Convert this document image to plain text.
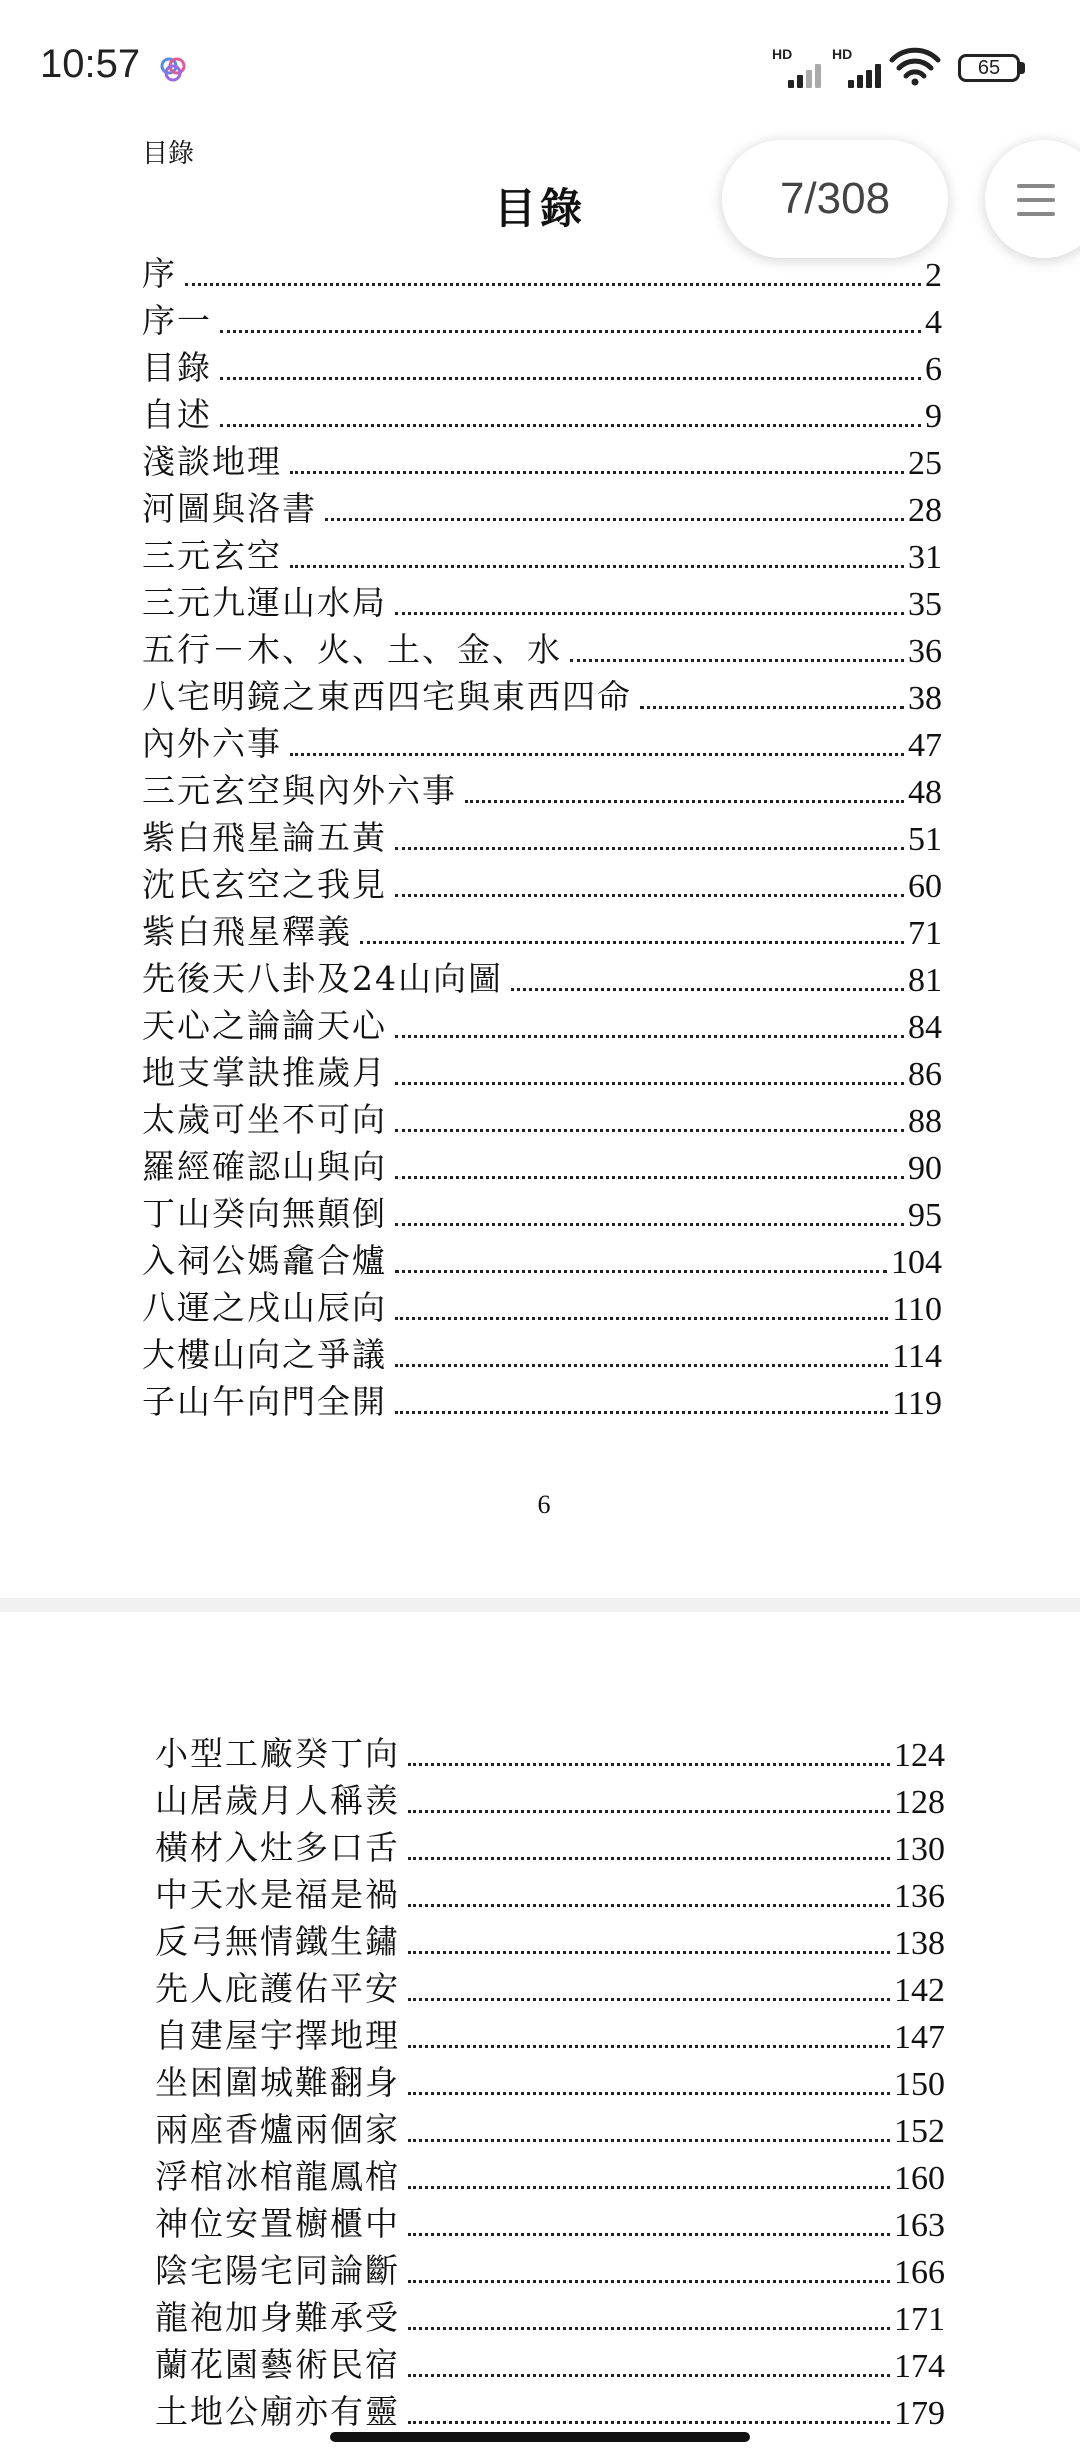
10:57	HD	HD
65
目錄
目錄
序	2
序一	4
目錄	6
自述	9
淺談地理	25
河圖與洛書	28
三元玄空	31
三元九運山水局	35
五行－木、火、土、金、水	36
八宅明鏡之東西四宅與東西四命	38
內外六事	47
三元玄空與內外六事	48
紫白飛星論五黃	51
沈氏玄空之我見	60
紫白飛星釋義	71
先後天八卦及24山向圖	81
天心之論論天心	84
地支掌訣推歲月	86
太歲可坐不可向	88
羅經確認山與向	90
丁山癸向無顛倒	95
入祠公媽龕合爐	104
八運之戌山辰向	110
大樓山向之爭議	114
子山午向門全開	119
6
小型工廠癸丁向	124
山居歲月人稱羡	128
橫材入灶多口舌	130
中天水是福是禍	136
反弓無情鐵生鏽	138
先人庇護佑平安	142
自建屋宇擇地理	147
坐困圍城難翻身	150
兩座香爐兩個家	152
浮棺冰棺龍鳳棺	160
神位安置櫥櫃中	163
陰宅陽宅同論斷	166
龍袍加身難承受	171
蘭花園藝術民宿	174
土地公廟亦有靈	179
7/308
